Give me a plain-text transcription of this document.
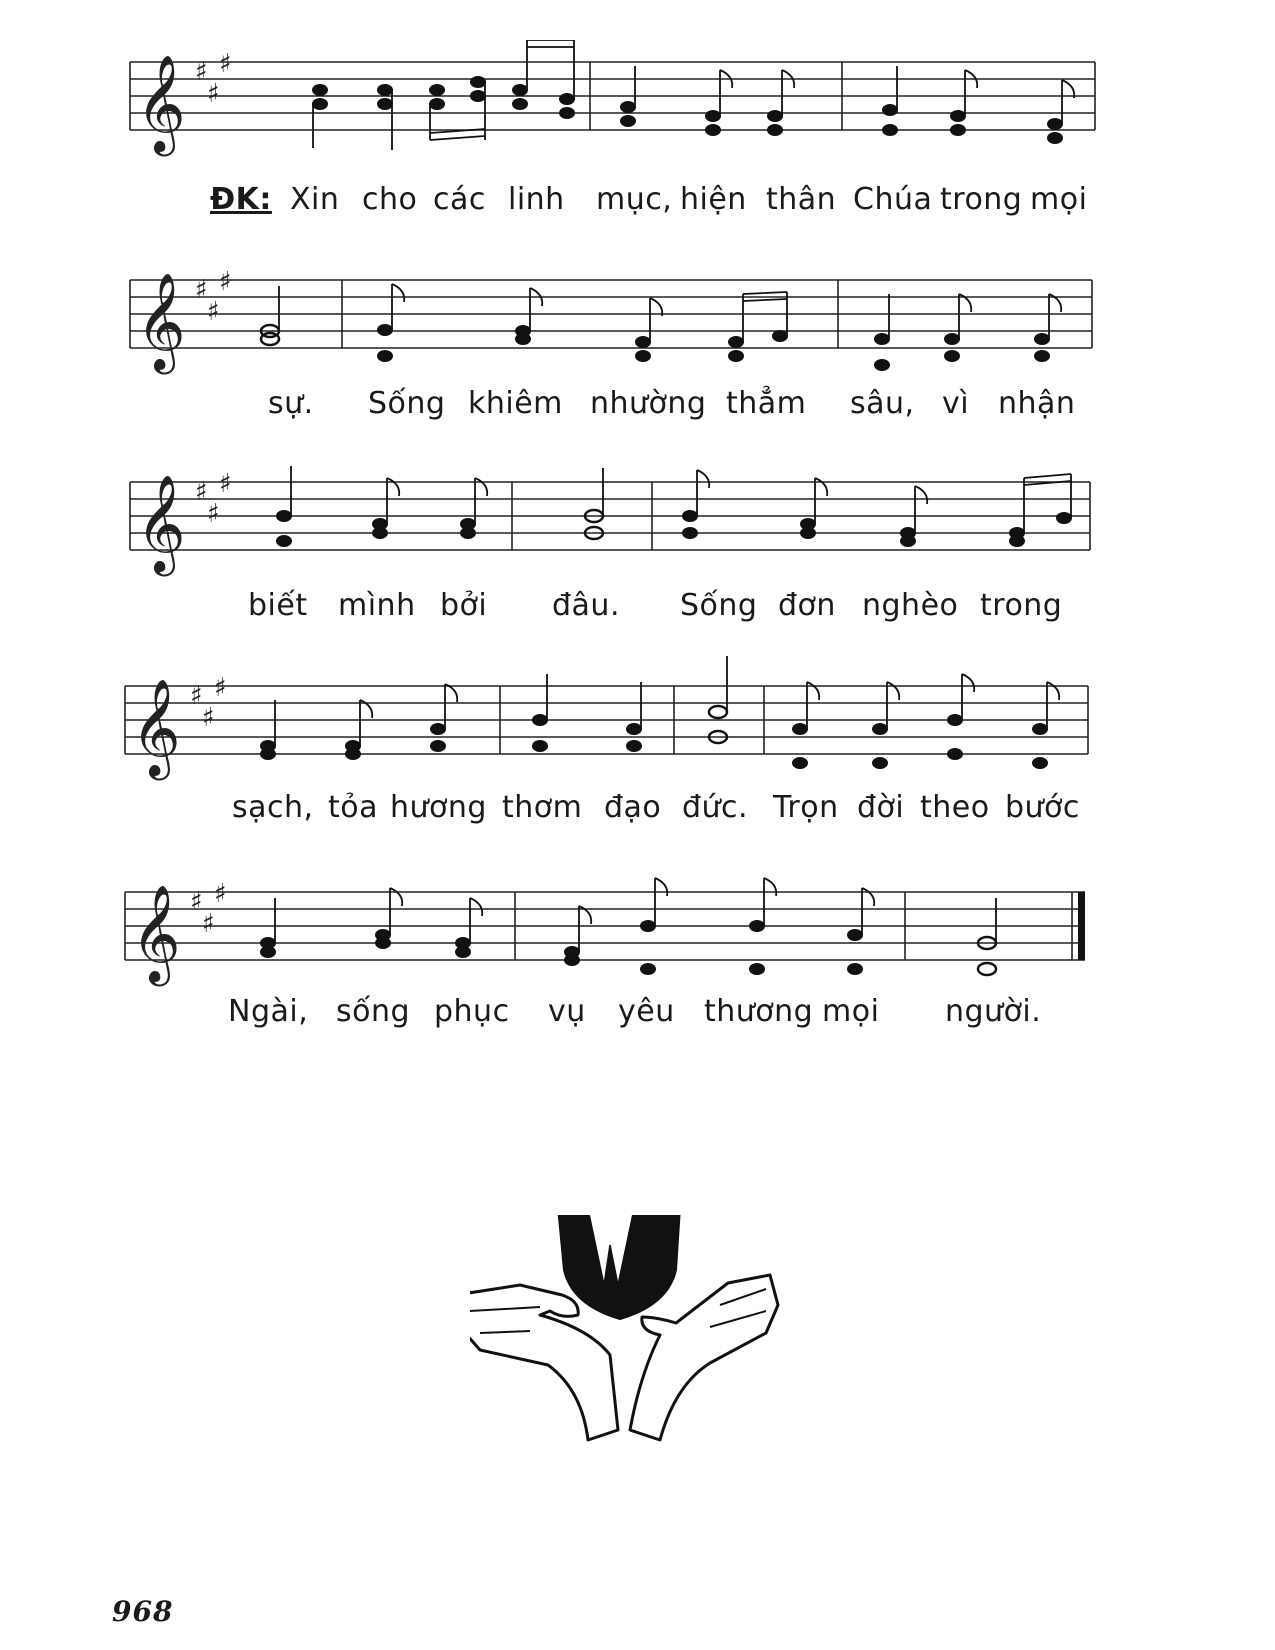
𝄞 ♯
♯
♯
ĐK: Xin cho các linh mục, hiện thân Chúa trong mọi
𝄞 ♯
♯
♯
sự. Sống khiêm nhường thẳm sâu, vì nhận
𝄞 ♯
♯
♯
biết mình bởi đâu. Sống đơn nghèo trong
𝄞 ♯
♯
♯
sạch, tỏa hương thơm đạo đức. Trọn đời theo bước
𝄞 ♯
♯
♯
Ngài, sống phục vụ yêu thương mọi người.
968
